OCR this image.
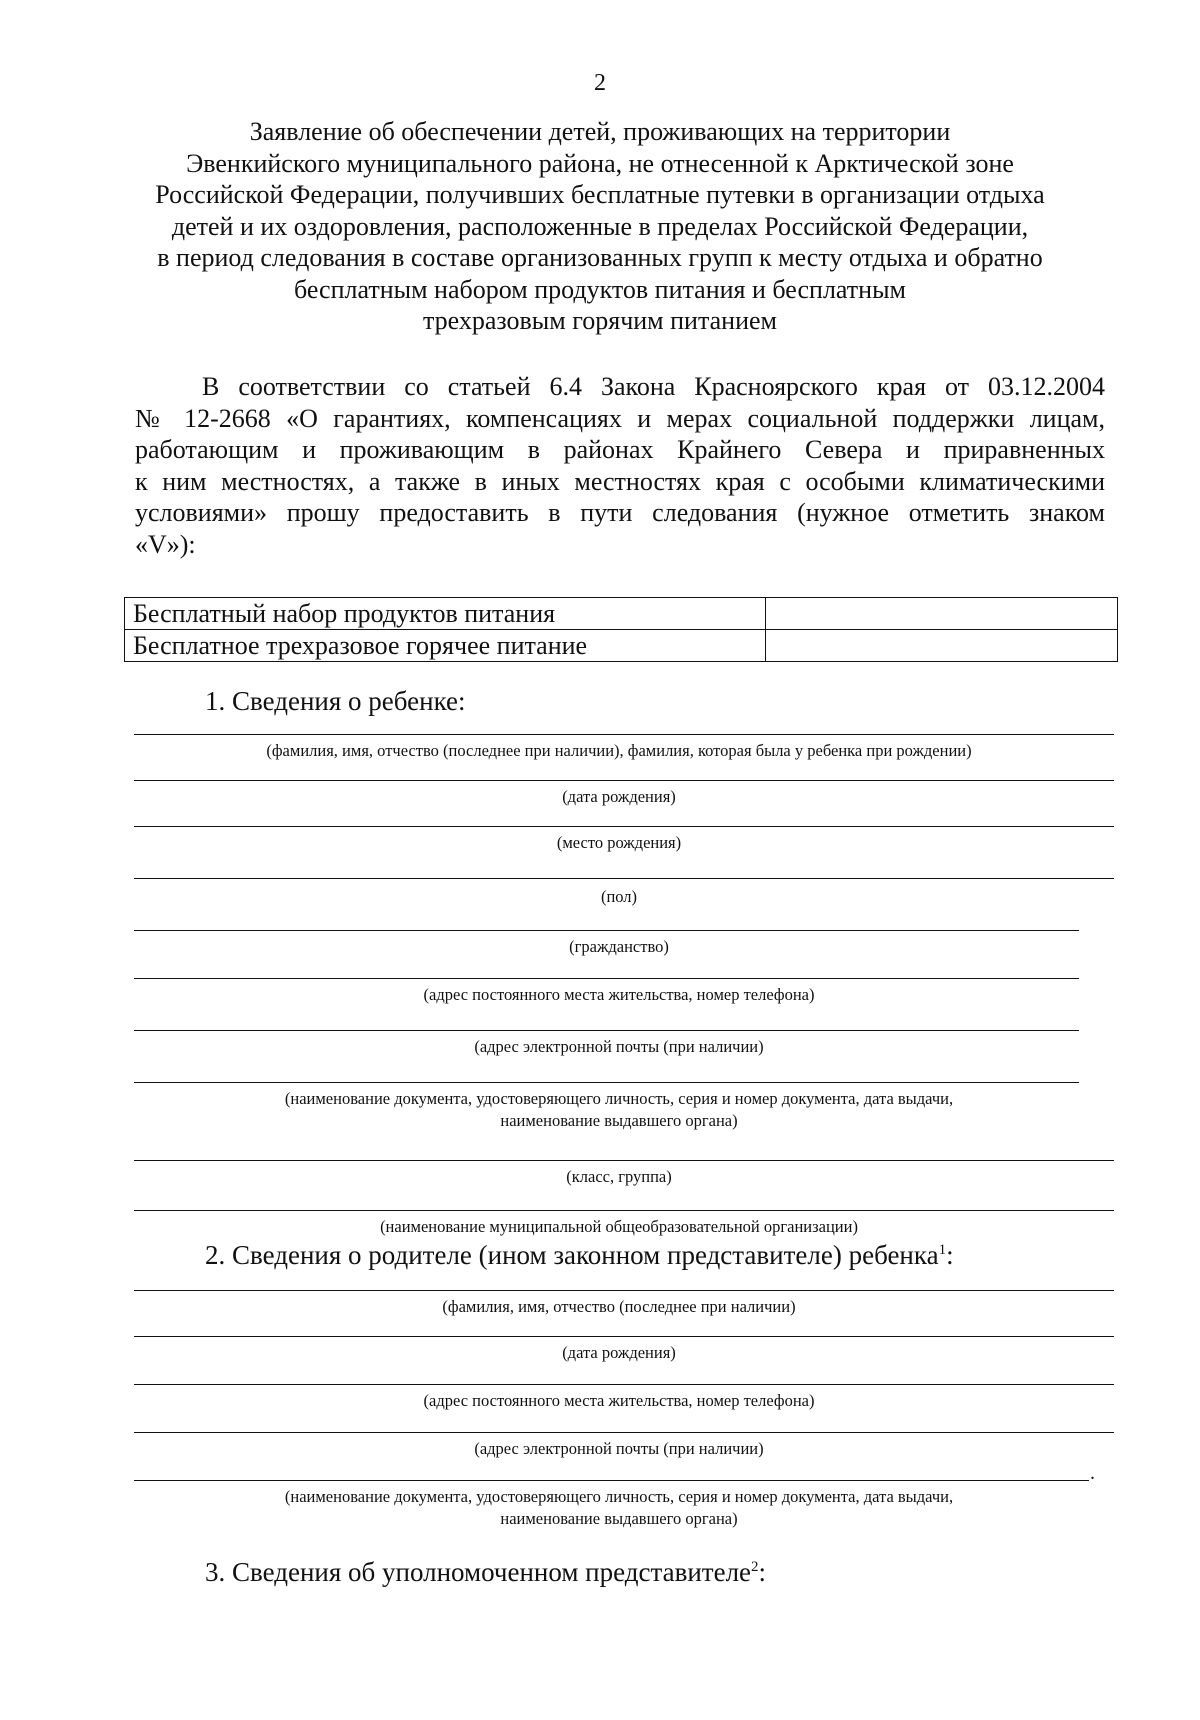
2
Заявление об обеспечении детей, проживающих на территории
Эвенкийского муниципального района, не отнесенной к Арктической зоне
Российской Федерации, получивших бесплатные путевки в организации отдыха
детей и их оздоровления, расположенные в пределах Российской Федерации,
в период следования в составе организованных групп к месту отдыха и обратно
бесплатным набором продуктов питания и бесплатным
трехразовым горячим питанием
В соответствии со статьей 6.4 Закона Красноярского края от 03.12.2004
№ 12-2668 «О гарантиях, компенсациях и мерах социальной поддержки лицам,
работающим и проживающим в районах Крайнего Севера и приравненных
к ним местностях, а также в иных местностях края с особыми климатическими
условиями» прошу предоставить в пути следования (нужное отметить знаком
«V»):
Бесплатный набор продуктов питания	
Бесплатное трехразовое горячее питание	
1. Сведения о ребенке:
(фамилия, имя, отчество (последнее при наличии), фамилия, которая была у ребенка при рождении)
(дата рождения)
(место рождения)
(пол)
(гражданство)
(адрес постоянного места жительства, номер телефона)
(адрес электронной почты (при наличии)
(наименование документа, удостоверяющего личность, серия и номер документа, дата выдачи,
наименование выдавшего органа)
(класс, группа)
(наименование муниципальной общеобразовательной организации)
2. Сведения о родителе (ином законном представителе) ребенка$^1$:
(фамилия, имя, отчество (последнее при наличии)
(дата рождения)
(адрес постоянного места жительства, номер телефона)
(адрес электронной почты (при наличии)
.
(наименование документа, удостоверяющего личность, серия и номер документа, дата выдачи,
наименование выдавшего органа)
3. Сведения об уполномоченном представителе$^2$:
